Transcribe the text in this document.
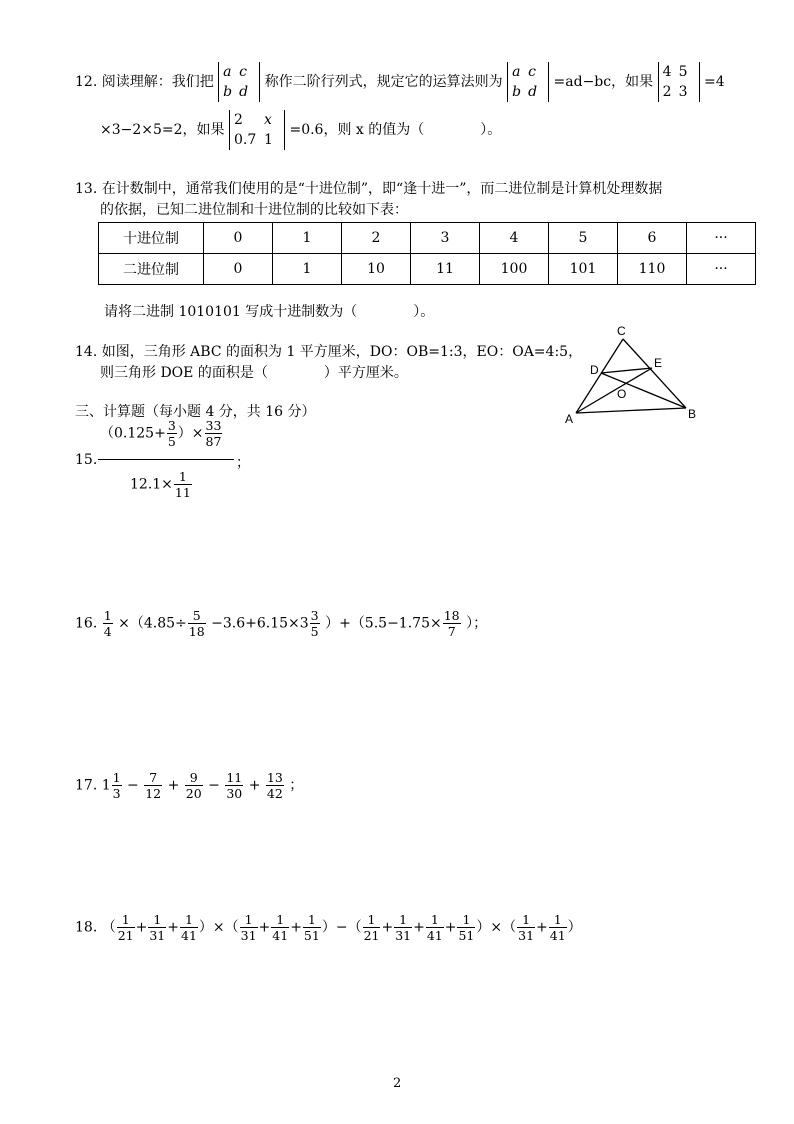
12. 阅读理解：我们把
a c
b d
称作二阶行列式，规定它的运算法则为
a c
b d
=ad−bc，如果
4 5
2 3
=4
×3−2×5=2，如果
2 x
0.7 1
=0.6，则 x 的值为（　　　　）。
13. 在计数制中，通常我们使用的是“十进位制”，即“逢十进一”，而二进位制是计算机处理数据
的依据，已知二进位制和十进位制的比较如下表：
十进位制	0	1	2	3	4	5	6	···
二进位制	0	1	10	11	100	101	110	···
请将二进制 1010101 写成十进制数为（　　　　）。
14. 如图，三角形 ABC 的面积为 1 平方厘米，DO：OB=1:3，EO：OA=4:5，
则三角形 DOE 的面积是（　　　　）平方厘米。
C
D	E
O
A	B
三、计算题（每小题 4 分，共 16 分）
15.
（$0.125+ \frac{3}{5}$ ）× $\frac{33}{87}$
；
$12.1\times \frac{1}{11}$
16. $\frac{1}{4} \times(4.85\div \frac{5}{18} -3.6+6.15\times 3 \frac{3}{5} )+(5.5-1.75\times \frac{18}{7}$ ）；
17. $1 \frac{1}{3} - \frac{7}{12} + \frac{9}{20} - \frac{11}{30} + \frac{13}{42}$ ；
18. （ $\frac{1}{21} + \frac{1}{31} + \frac{1}{41}$ ）×（ $\frac{1}{31} + \frac{1}{41} + \frac{1}{51}$ ）−（ $\frac{1}{21} + \frac{1}{31} + \frac{1}{41} + \frac{1}{51}$ ）×（ $\frac{1}{31} + \frac{1}{41}$ ）
2
